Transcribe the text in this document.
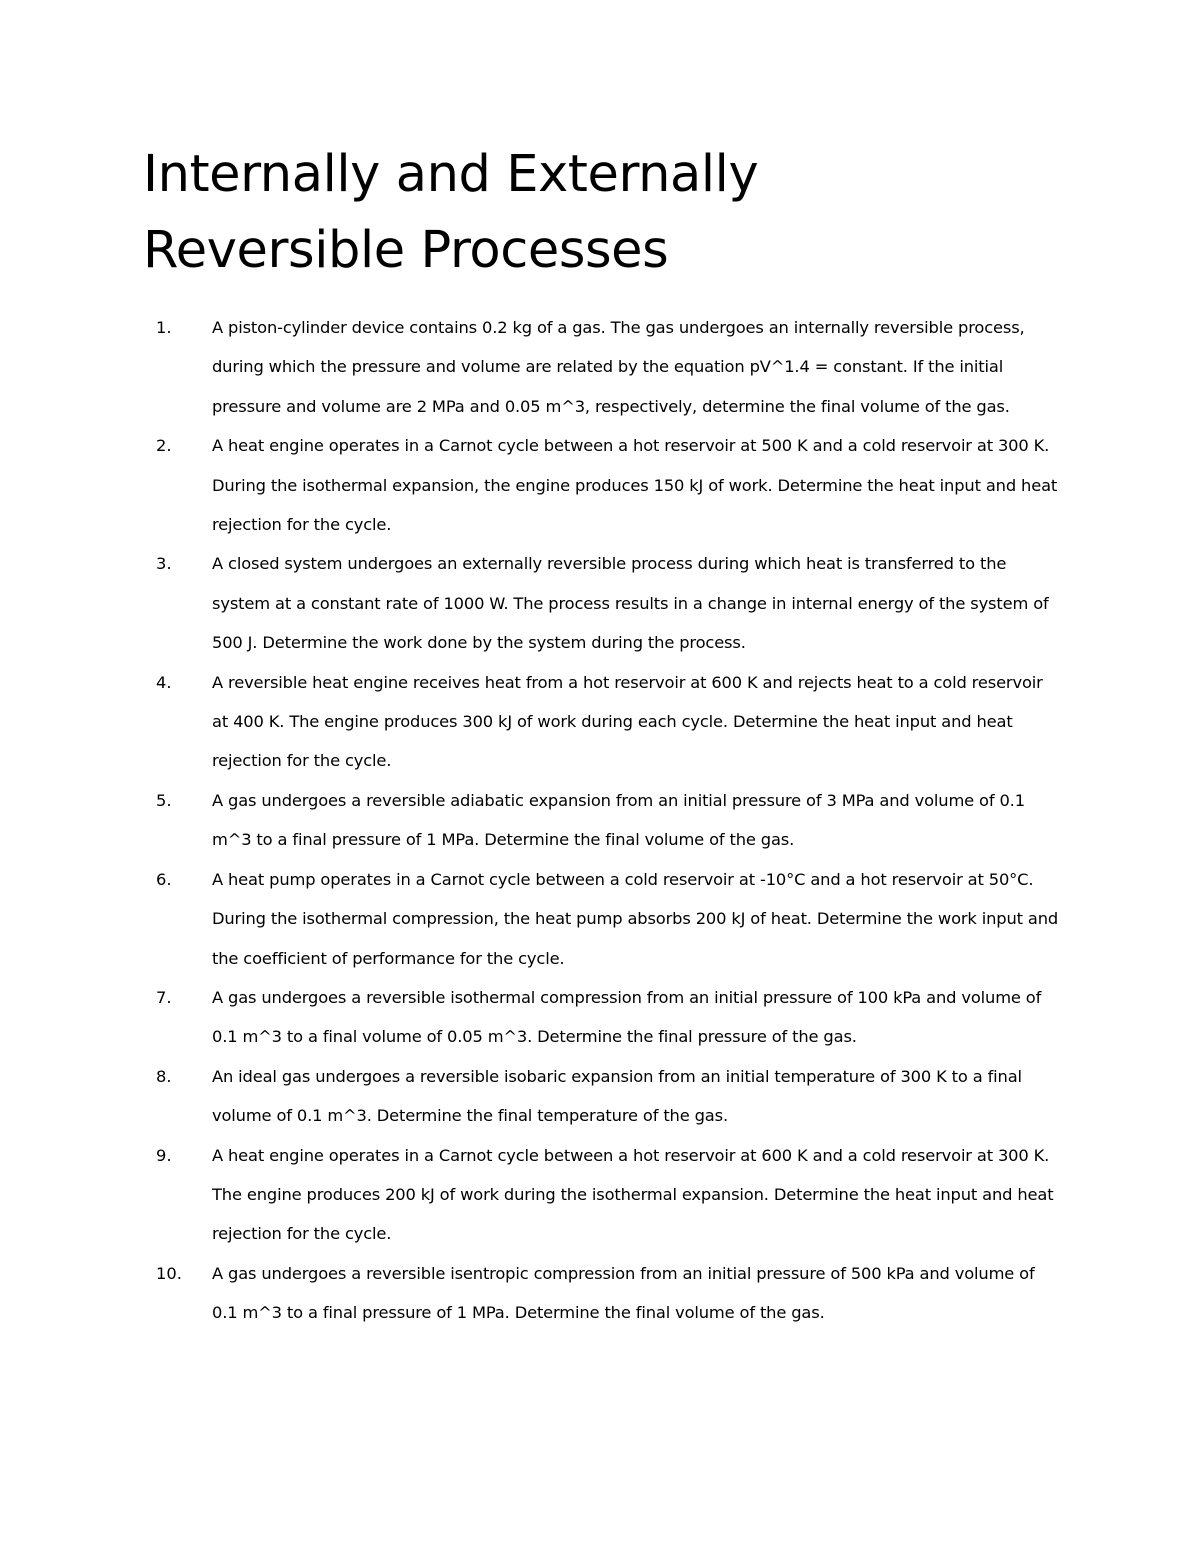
Internally and Externally
Reversible Processes
1.	A piston-cylinder device contains 0.2 kg of a gas. The gas undergoes an internally reversible process, during which the pressure and volume are related by the equation pV^1.4 = constant. If the initial pressure and volume are 2 MPa and 0.05 m^3, respectively, determine the final volume of the gas.
2.	A heat engine operates in a Carnot cycle between a hot reservoir at 500 K and a cold reservoir at 300 K. During the isothermal expansion, the engine produces 150 kJ of work. Determine the heat input and heat rejection for the cycle.
3.	A closed system undergoes an externally reversible process during which heat is transferred to the system at a constant rate of 1000 W. The process results in a change in internal energy of the system of 500 J. Determine the work done by the system during the process.
4.	A reversible heat engine receives heat from a hot reservoir at 600 K and rejects heat to a cold reservoir at 400 K. The engine produces 300 kJ of work during each cycle. Determine the heat input and heat rejection for the cycle.
5.	A gas undergoes a reversible adiabatic expansion from an initial pressure of 3 MPa and volume of 0.1 m^3 to a final pressure of 1 MPa. Determine the final volume of the gas.
6.	A heat pump operates in a Carnot cycle between a cold reservoir at -10°C and a hot reservoir at 50°C. During the isothermal compression, the heat pump absorbs 200 kJ of heat. Determine the work input and the coefficient of performance for the cycle.
7.	A gas undergoes a reversible isothermal compression from an initial pressure of 100 kPa and volume of 0.1 m^3 to a final volume of 0.05 m^3. Determine the final pressure of the gas.
8.	An ideal gas undergoes a reversible isobaric expansion from an initial temperature of 300 K to a final volume of 0.1 m^3. Determine the final temperature of the gas.
9.	A heat engine operates in a Carnot cycle between a hot reservoir at 600 K and a cold reservoir at 300 K. The engine produces 200 kJ of work during the isothermal expansion. Determine the heat input and heat rejection for the cycle.
10.	A gas undergoes a reversible isentropic compression from an initial pressure of 500 kPa and volume of 0.1 m^3 to a final pressure of 1 MPa. Determine the final volume of the gas.
